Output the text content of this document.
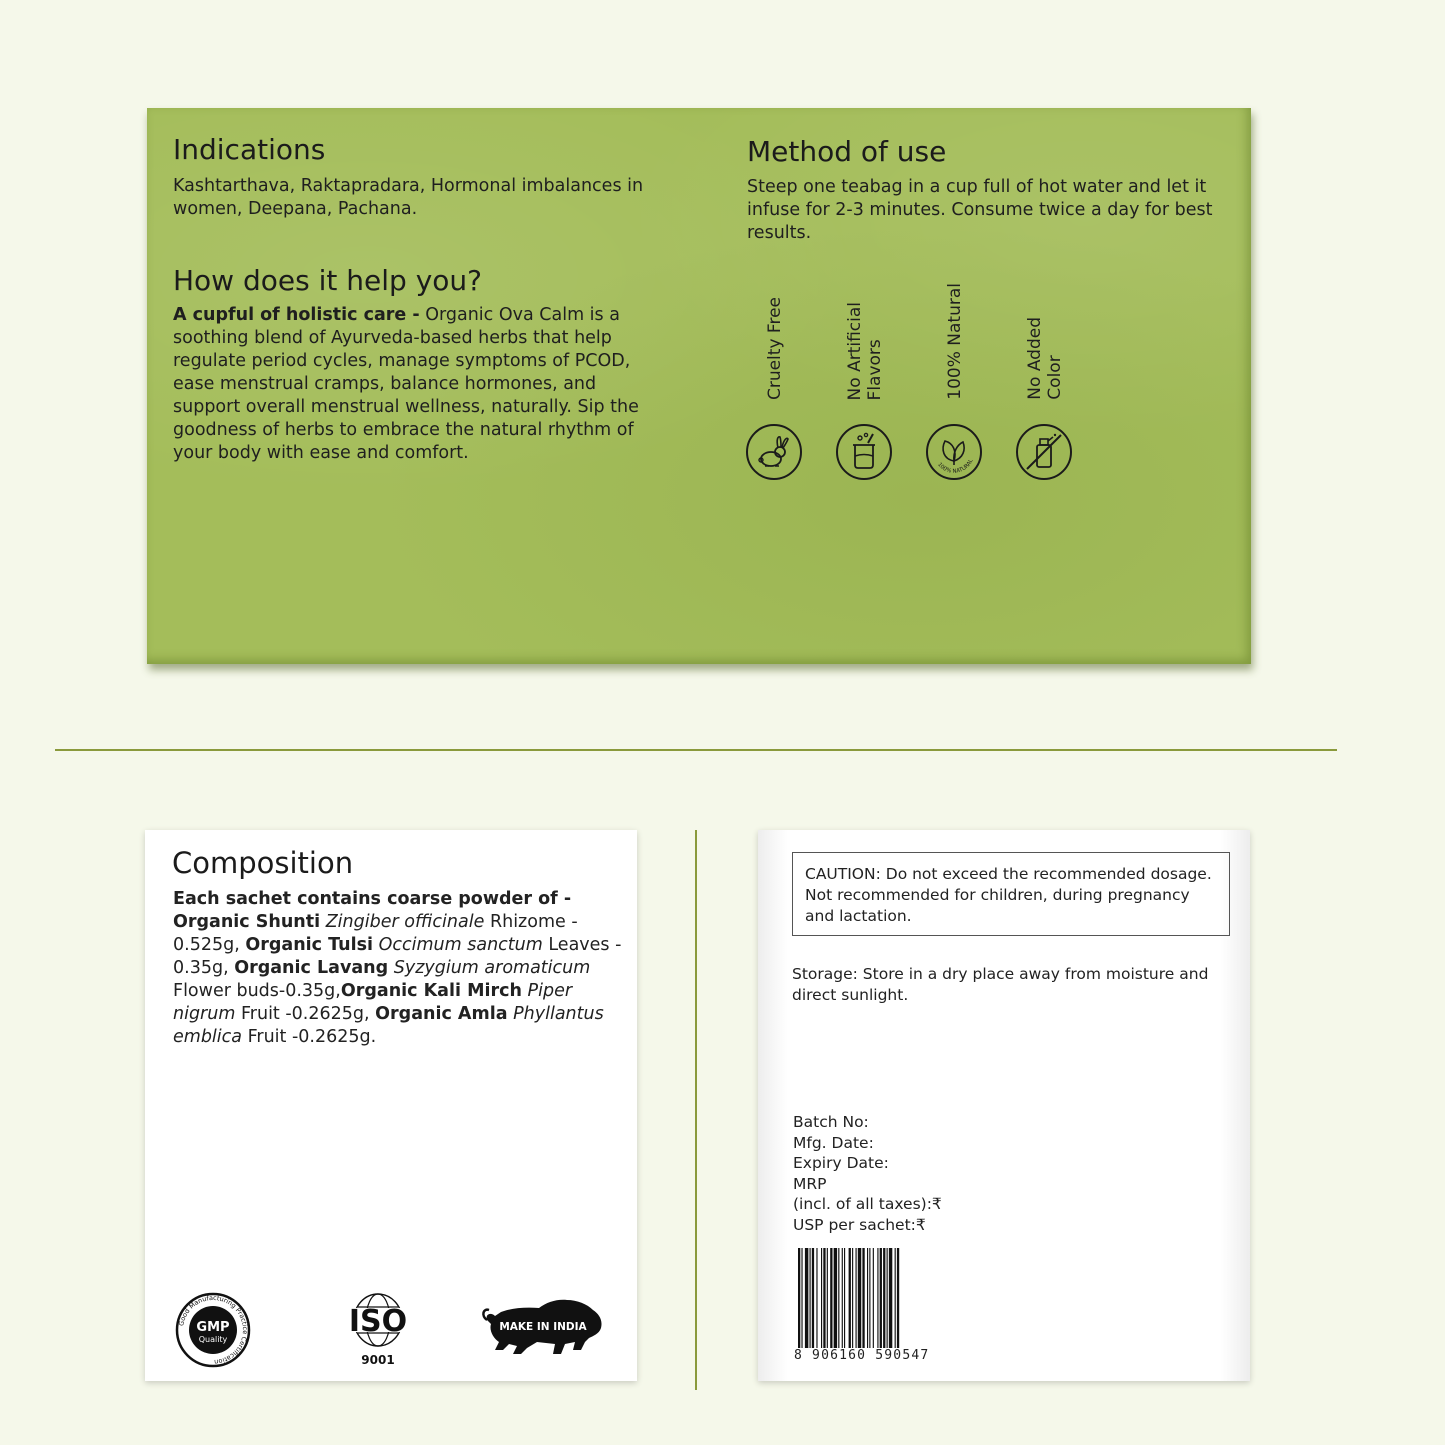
Indications
Kashtarthava, Raktapradara, Hormonal imbalances in women, Deepana, Pachana.
How does it help you?
A cupful of holistic care - Organic Ova Calm is a soothing blend of Ayurveda-based herbs that help regulate period cycles, manage symptoms of PCOD, ease menstrual cramps, balance hormones, and support overall menstrual wellness, naturally. Sip the goodness of herbs to embrace the natural rhythm of your body with ease and comfort.
Method of use
Steep one teabag in a cup full of hot water and let it infuse for 2-3 minutes. Consume twice a day for best results.
Cruelty Free	No Artificial
Flavors	100% Natural
100% NATURAL
No Added
Color
Composition
Each sachet contains coarse powder of -
Organic Shunti Zingiber officinale Rhizome - 0.525g, Organic Tulsi Occimum sanctum Leaves - 0.35g, Organic Lavang Syzygium aromaticum Flower buds-0.35g,Organic Kali Mirch Piper nigrum Fruit -0.2625g, Organic Amla Phyllantus emblica Fruit -0.2625g.
Good Manufacturing Practice Certification
GMP
Quality
ISO
9001
MAKE IN INDIA
CAUTION: Do not exceed the recommended dosage. Not recommended for children, during pregnancy and lactation.
Storage: Store in a dry place away from moisture and direct sunlight.
Batch No:
Mfg. Date:
Expiry Date:
MRP
(incl. of all taxes):₹
USP per sachet:₹
8 906160 590547
